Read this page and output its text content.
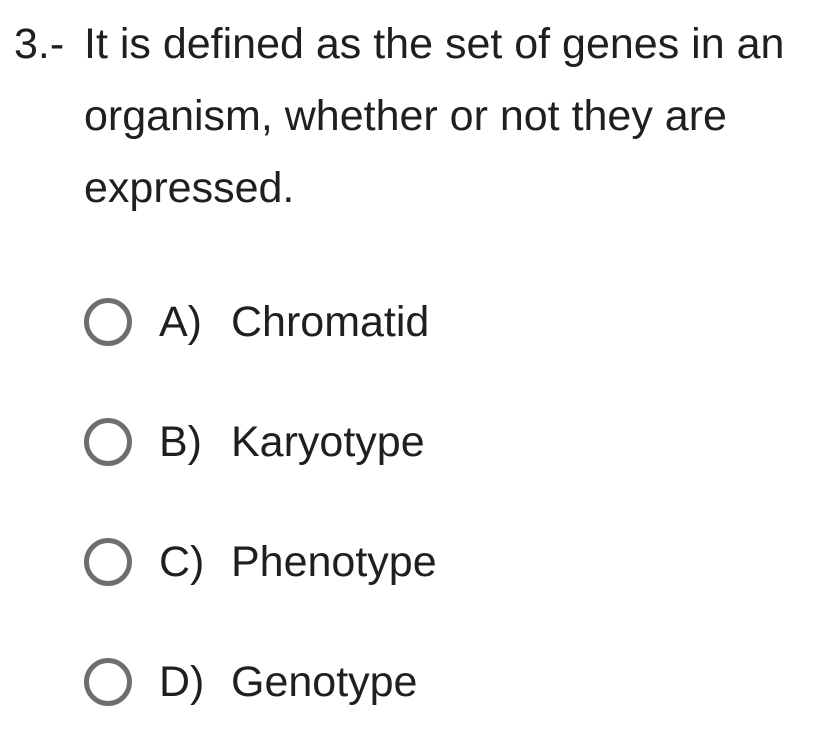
3.- It is defined as the set of genes in an organism, whether or not they are expressed.
A) Chromatid
B) Karyotype
C) Phenotype
D) Genotype
